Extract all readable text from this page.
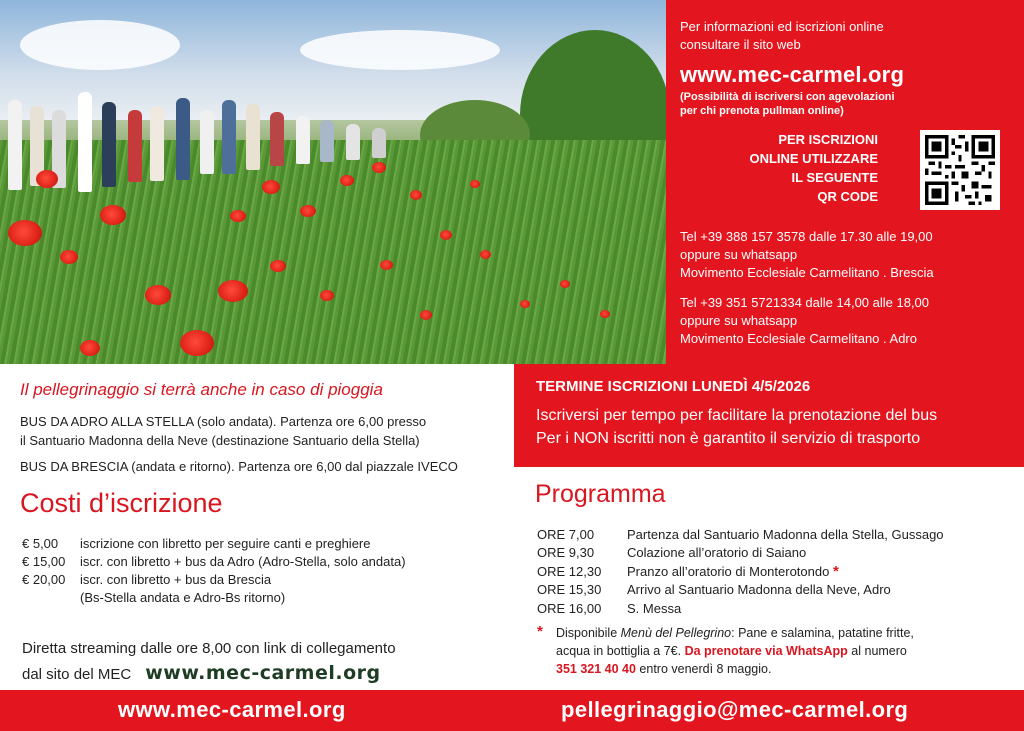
Per informazioni ed iscrizioni online
consultare il sito web
www.mec-carmel.org
(Possibilità di iscriversi con agevolazioni
per chi prenota pullman online)
PER ISCRIZIONI
ONLINE UTILIZZARE
IL SEGUENTE
QR CODE
Tel +39 388 157 3578 dalle 17.30 alle 19,00
oppure su whatsapp
Movimento Ecclesiale Carmelitano . Brescia
Tel +39 351 5721334 dalle 14,00 alle 18,00
oppure su whatsapp
Movimento Ecclesiale Carmelitano . Adro
Il pellegrinaggio si terrà anche in caso di pioggia
BUS DA ADRO ALLA STELLA (solo andata). Partenza ore 6,00 presso
il Santuario Madonna della Neve (destinazione Santuario della Stella)
BUS DA BRESCIA (andata e ritorno). Partenza ore 6,00 dal piazzale IVECO
Costi d’iscrizione
€ 5,00	iscrizione con libretto per seguire canti e preghiere
€ 15,00	iscr. con libretto + bus da Adro (Adro-Stella, solo andata)
€ 20,00	iscr. con libretto + bus da Brescia
(Bs-Stella andata e Adro-Bs ritorno)
Diretta streaming dalle ore 8,00 con link di collegamento
dal sito del MEC www.mec-carmel.org
TERMINE ISCRIZIONI LUNEDÌ 4/5/2026
Iscriversi per tempo per facilitare la prenotazione del bus
Per i NON iscritti non è garantito il servizio di trasporto
Programma
ORE 7,00	Partenza dal Santuario Madonna della Stella, Gussago
ORE 9,30	Colazione all’oratorio di Saiano
ORE 12,30	Pranzo all’oratorio di Monterotondo *
ORE 15,30	Arrivo al Santuario Madonna della Neve, Adro
ORE 16,00	S. Messa
* Disponibile Menù del Pellegrino: Pane e salamina, patatine fritte,
acqua in bottiglia a 7€. Da prenotare via WhatsApp al numero
351 321 40 40 entro venerdì 8 maggio.
www.mec-carmel.org	pellegrinaggio@mec-carmel.org
